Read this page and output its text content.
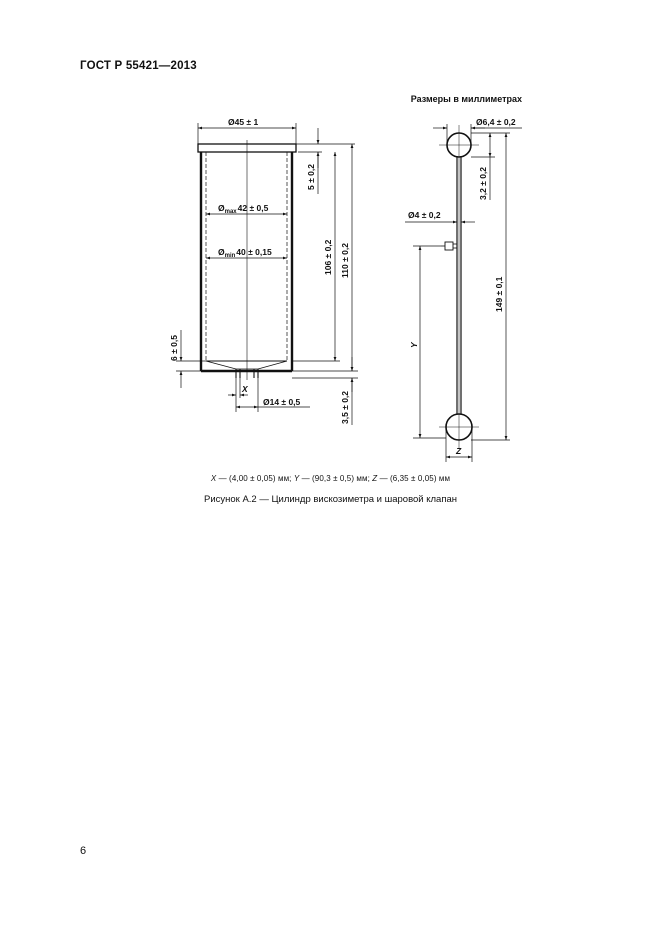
ГОСТ Р 55421—2013
Размеры в миллиметрах
Ø45 ± 1
$Ø_{max}42 \pm 0,5$
$Ø_{min}40 \pm 0,15$
5 ± 0,2
106 ± 0,2 110 ± 0,2
6 ± 0,5
3,5 ± 0,2
X
Ø14 ± 0,5
Ø6,4 ± 0,2
3,2 ± 0,2
Ø4 ± 0,2
149 ± 0,1
Y
Z
X — (4,00 ± 0,05) мм; Y — (90,3 ± 0,5) мм; Z — (6,35 ± 0,05) мм
Рисунок А.2 — Цилиндр вискозиметра и шаровой клапан
6
